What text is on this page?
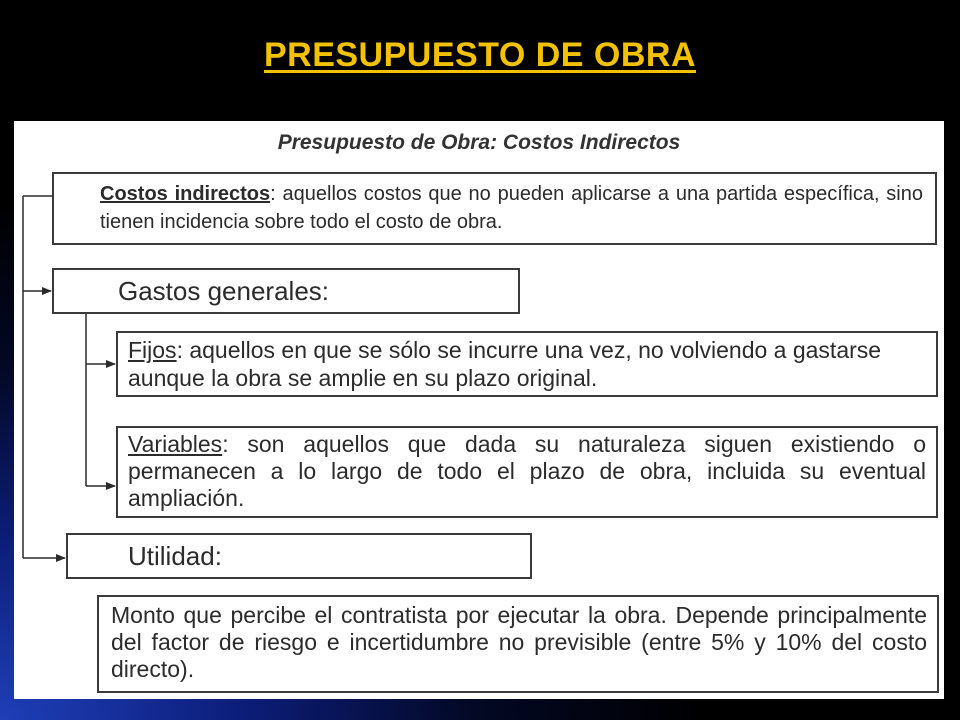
PRESUPUESTO DE OBRA
Presupuesto de Obra: Costos Indirectos
Costos indirectos: aquellos costos que no pueden aplicarse a una partida específica, sino tienen incidencia sobre todo el costo de obra.
Gastos generales:
Fijos: aquellos en que se sólo se incurre una vez, no volviendo a gastarse aunque la obra se amplie en su plazo original.
Variables: son aquellos que dada su naturaleza siguen existiendo o permanecen a lo largo de todo el plazo de obra, incluida su eventual ampliación.
Utilidad:
Monto que percibe el contratista por ejecutar la obra. Depende principalmente del factor de riesgo e incertidumbre no previsible (entre 5% y 10% del costo directo).
